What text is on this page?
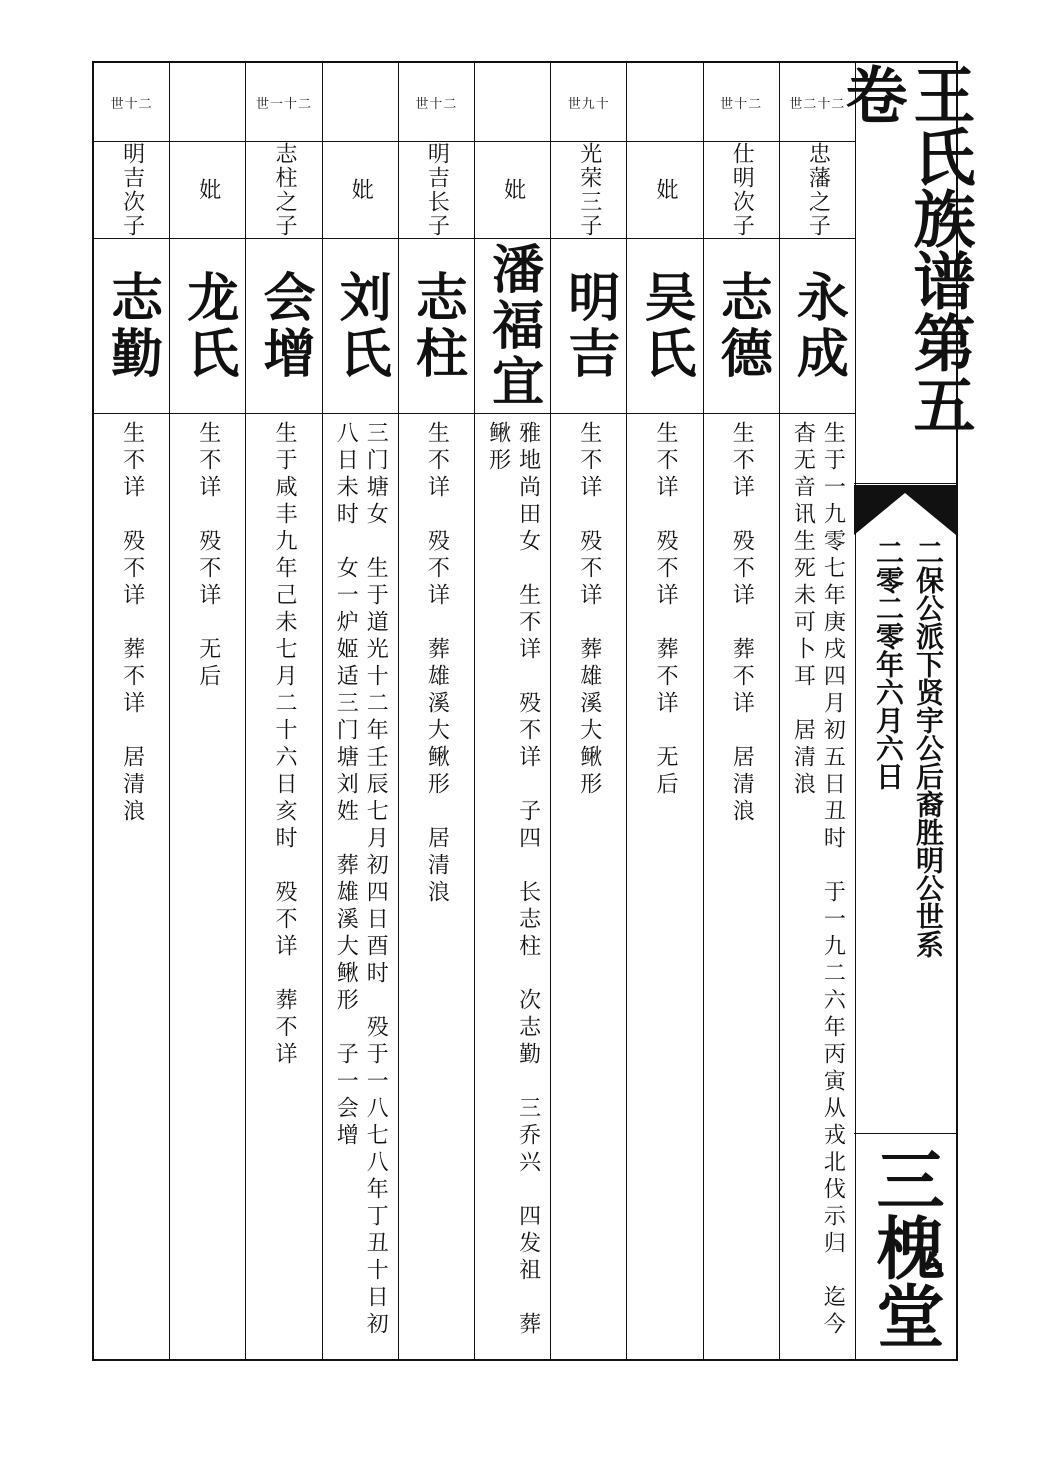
王氏族谱第五卷
二保公派下贤宇公后裔胜明公世系
二零二零年六月六日
三槐堂
世二十二
忠藩之子
永成
生于一九零七年庚戌四月初五日丑时　于一九二六年丙寅从戎北伐示归　迄今杳无音讯生死未可卜耳　居清浪
世十二
仕明次子
志德
生不详　殁不详　葬不详　居清浪
妣
吴氏
生不详　殁不详　葬不详　无后
世九十
光荣三子
明吉
生不详　殁不详　葬雄溪大鳅形
妣
潘福宜
雅地尚田女　生不详　殁不详　子四　长志柱　次志勤　三乔兴　四发祖　葬鳅形
世十二
明吉长子
志柱
生不详　殁不详　葬雄溪大鳅形　居清浪
妣
刘氏
三门塘女　生于道光十二年壬辰七月初四日酉时　殁于一八七八年丁丑十日初八日未时　女一炉姬适三门塘刘姓　葬雄溪大鳅形　子一会增
世一十二
志柱之子
会增
生于咸丰九年己未七月二十六日亥时　殁不详　葬不详
妣
龙氏
生不详　殁不详　无后
世十二
明吉次子
志勤
生不详　殁不详　葬不详　居清浪
